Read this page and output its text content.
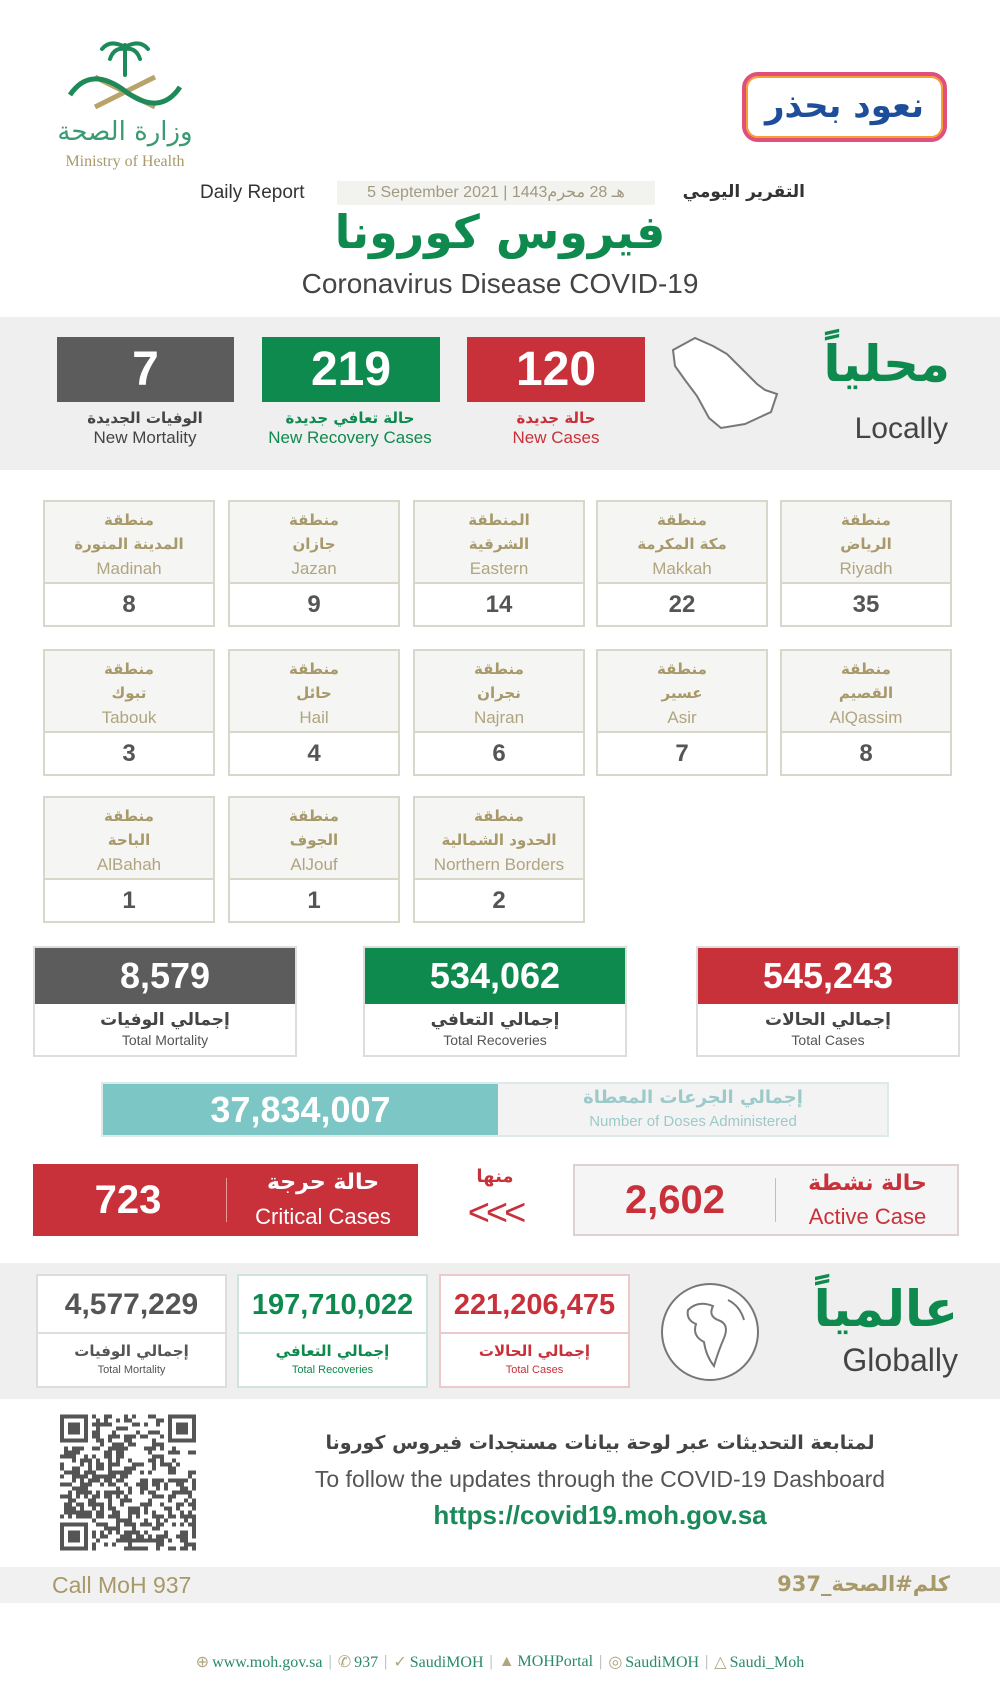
وزارة الصحة
Ministry of Health
نعود بحذر
Daily Report	5 September 2021 | 1443هـ 28 محرم	التقرير اليومي
فيروس كورونا
Coronavirus Disease COVID-19
7	219	120
الوفيات الجديدة
New Mortality
حالة تعافي جديدة
New Recovery Cases
حالة جديدة
New Cases
محلياً
Locally
منطقة
الرياض
Riyadh
35
منطقة
مكة المكرمة
Makkah
22
المنطقة
الشرقية
Eastern
14
منطقة
جازان
Jazan
9
منطقة
المدينة المنورة
Madinah
8
منطقة
القصيم
AlQassim
8
منطقة
عسير
Asir
7
منطقة
نجران
Najran
6
منطقة
حائل
Hail
4
منطقة
تبوك
Tabouk
3
منطقة
الحدود الشمالية
Northern Borders
2
منطقة
الجوف
AlJouf
1
منطقة
الباحة
AlBahah
1
8,579
إجمالي الوفيات
Total Mortality
534,062
إجمالي التعافي
Total Recoveries
545,243
إجمالي الحالات
Total Cases
37,834,007	إجمالي الجرعات المعطاة
Number of Doses Administered
723	حالة حرجة
Critical Cases
منها
<<<	2,602	حالة نشطة
Active Case
4,577,229
إجمالي الوفيات
Total Mortality
197,710,022
إجمالي التعافي
Total Recoveries
221,206,475
إجمالي الحالات
Total Cases
عالمياً
Globally
لمتابعة التحديثات عبر لوحة بيانات مستجدات فيروس كورونا
To follow the updates through the COVID-19 Dashboard
https://covid19.moh.gov.sa
Call MoH 937	كلم#الصحة_937
⊕ www.moh.gov.sa | ✆ 937 | ✓ SaudiMOH | ▲ MOHPortal | ◎ SaudiMOH | △ Saudi_Moh
